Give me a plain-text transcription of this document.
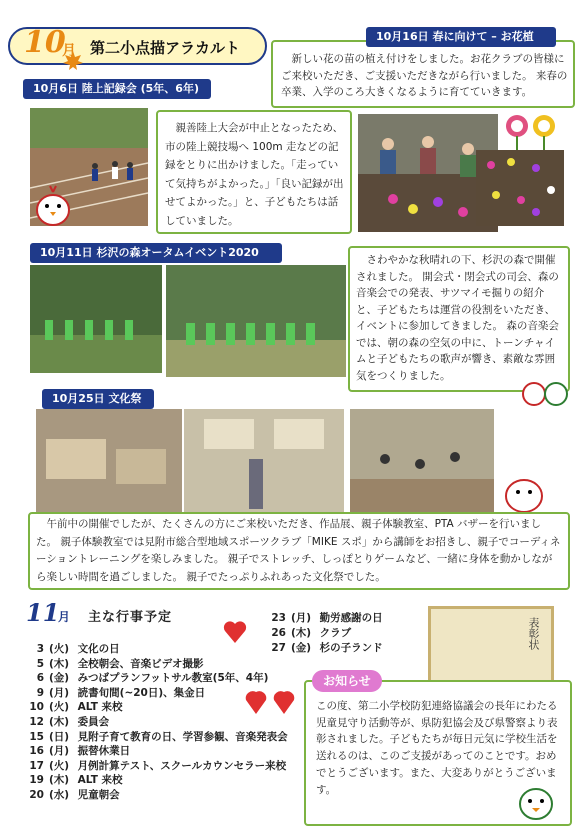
10
月 第二小点描アラカルト
10月16日 春に向けて – お花植
新しい花の苗の植え付けをしました。お花クラブの皆様にご来校いただき、ご支援いただきながら行いました。 来春の卒業、入学のころ大きくなるように育てていきます。
10月6日 陸上記録会 (5年、6年)
親善陸上大会が中止となったため、市の陸上競技場へ 100m 走などの記録をとりに出かけました。「走っていて気持ちがよかった。」「良い記録が出せてよかった。」と、子どもたちは話していました。
10月11日 杉沢の森オータムイベント2020
さわやかな秋晴れの下、杉沢の森で開催されました。 開会式・閉会式の司会、森の音楽会での発表、サツマイモ掘りの紹介と、子どもたちは運営の役割をいただき、イベントに参加してきました。 森の音楽会では、朝の森の空気の中に、トーンチャイムと子どもたちの歌声が響き、素敵な雰囲気をつくりました。
10月25日 文化祭
午前中の開催でしたが、たくさんの方にご来校いただき、作品展、親子体験教室、PTA バザーを行いました。 親子体験教室では見附市総合型地域スポーツクラブ「MIKE スポ」から講師をお招きし、親子でコーディネーショントレーニングを楽しみました。 親子でストレッチ、しっぽとりゲームなど、一緒に身体を動かしながら楽しい時間を過ごしました。 親子でたっぷりふれあった文化祭でした。
11
月 主な行事予定
3 (火) 文化の日
5 (木) 全校朝会、音楽ビデオ撮影
6 (金) みつばプランフットサル教室(5年、4年)
9 (月) 読書旬間(~20日)、集金日
10 (火) ALT 来校
12 (木) 委員会
15 (日) 見附子育て教育の日、学習参観、音楽発表会
16 (月) 振替休業日
17 (火) 月例計算テスト、スクールカウンセラー来校
19 (木) ALT 来校
20 (水) 児童朝会
23 (月) 勤労感謝の日
26 (木) クラブ
27 (金) 杉の子ランド	表彰状
お知らせ
この度、第二小学校防犯連絡協議会の長年にわたる児童見守り活動等が、県防犯協会及び県警察より表彰されました。子どもたちが毎日元気に学校生活を送れるのは、このご支援があってのことです。おめでとうございます。また、大変ありがとうございます。
